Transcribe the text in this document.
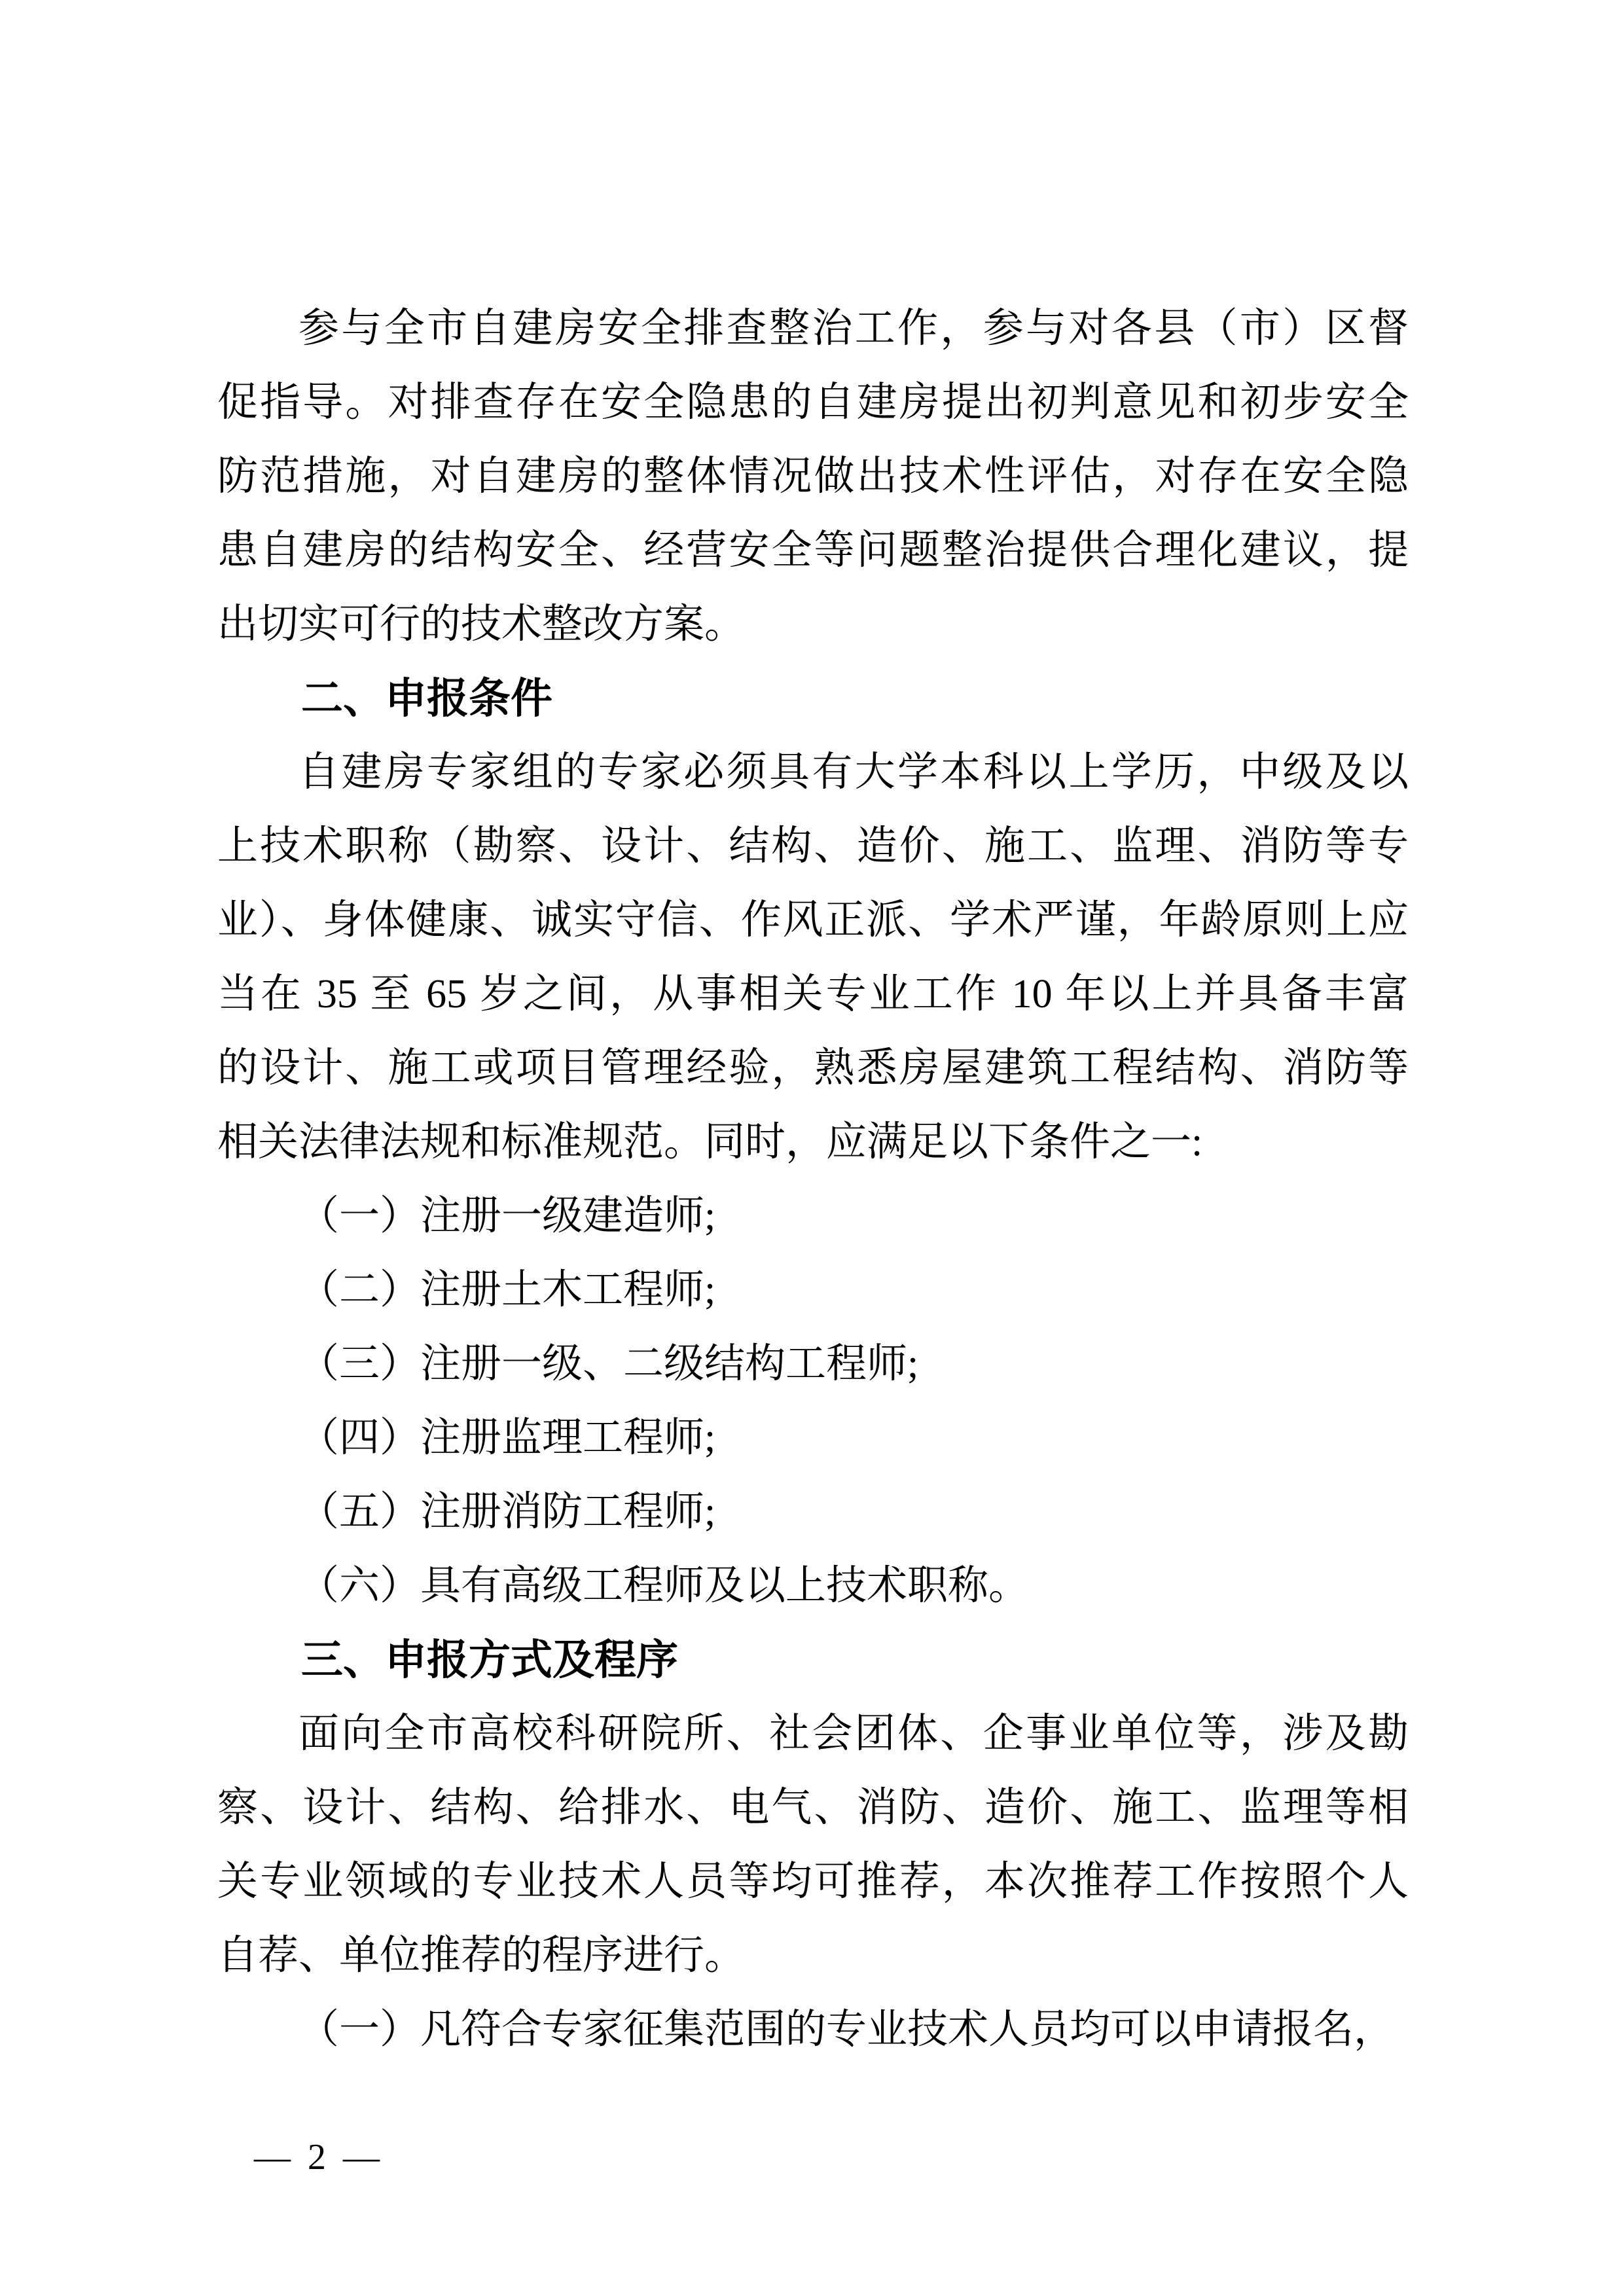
参与全市自建房安全排查整治工作，参与对各县（市）区督
促指导。对排查存在安全隐患的自建房提出初判意见和初步安全
防范措施，对自建房的整体情况做出技术性评估，对存在安全隐
患自建房的结构安全、经营安全等问题整治提供合理化建议，提
出切实可行的技术整改方案。
二、申报条件
自建房专家组的专家必须具有大学本科以上学历，中级及以
上技术职称（勘察、设计、结构、造价、施工、监理、消防等专
业）、身体健康、诚实守信、作风正派、学术严谨，年龄原则上应
当在 35 至 65 岁之间，从事相关专业工作 10 年以上并具备丰富
的设计、施工或项目管理经验，熟悉房屋建筑工程结构、消防等
相关法律法规和标准规范。同时，应满足以下条件之一:
（一）注册一级建造师;
（二）注册土木工程师;
（三）注册一级、二级结构工程师;
（四）注册监理工程师;
（五）注册消防工程师;
（六）具有高级工程师及以上技术职称。
三、申报方式及程序
面向全市高校科研院所、社会团体、企事业单位等，涉及勘
察、设计、结构、给排水、电气、消防、造价、施工、监理等相
关专业领域的专业技术人员等均可推荐，本次推荐工作按照个人
自荐、单位推荐的程序进行。
（一）凡符合专家征集范围的专业技术人员均可以申请报名，
— 2 —
